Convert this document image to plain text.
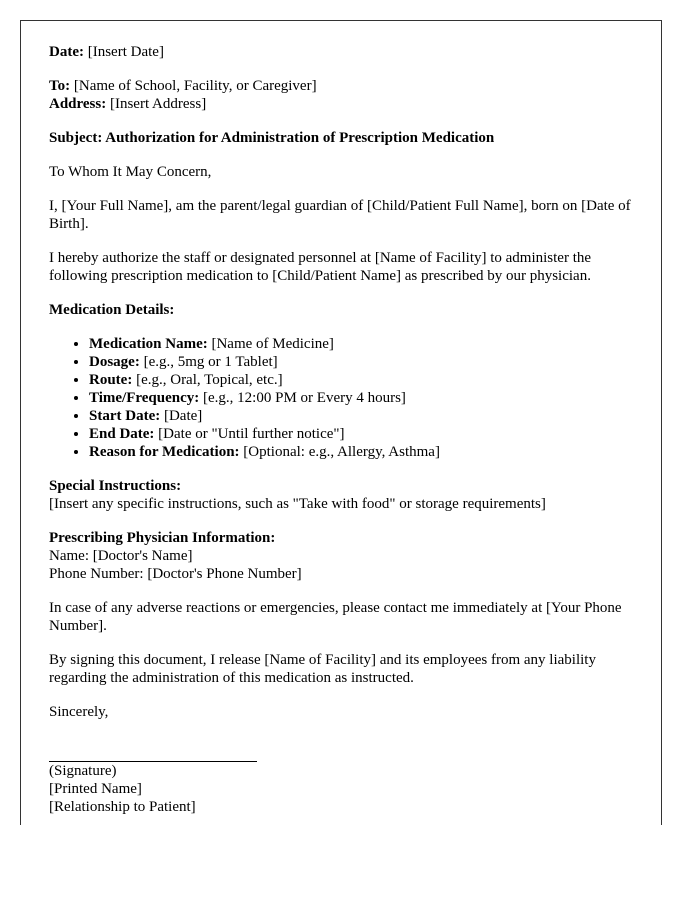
Date: [Insert Date]

To: [Name of School, Facility, or Caregiver]
Address: [Insert Address]

Subject: Authorization for Administration of Prescription Medication

To Whom It May Concern,

I, [Your Full Name], am the parent/legal guardian of [Child/Patient Full Name], born on [Date of Birth].

I hereby authorize the staff or designated personnel at [Name of Facility] to administer the following prescription medication to [Child/Patient Name] as prescribed by our physician.

Medication Details:

• Medication Name: [Name of Medicine]
• Dosage: [e.g., 5mg or 1 Tablet]
• Route: [e.g., Oral, Topical, etc.]
• Time/Frequency: [e.g., 12:00 PM or Every 4 hours]
• Start Date: [Date]
• End Date: [Date or "Until further notice"]
• Reason for Medication: [Optional: e.g., Allergy, Asthma]

Special Instructions:
[Insert any specific instructions, such as "Take with food" or storage requirements]

Prescribing Physician Information:
Name: [Doctor's Name]
Phone Number: [Doctor's Phone Number]

In case of any adverse reactions or emergencies, please contact me immediately at [Your Phone Number].

By signing this document, I release [Name of Facility] and its employees from any liability regarding the administration of this medication as instructed.

Sincerely,

(Signature)
[Printed Name]
[Relationship to Patient]
